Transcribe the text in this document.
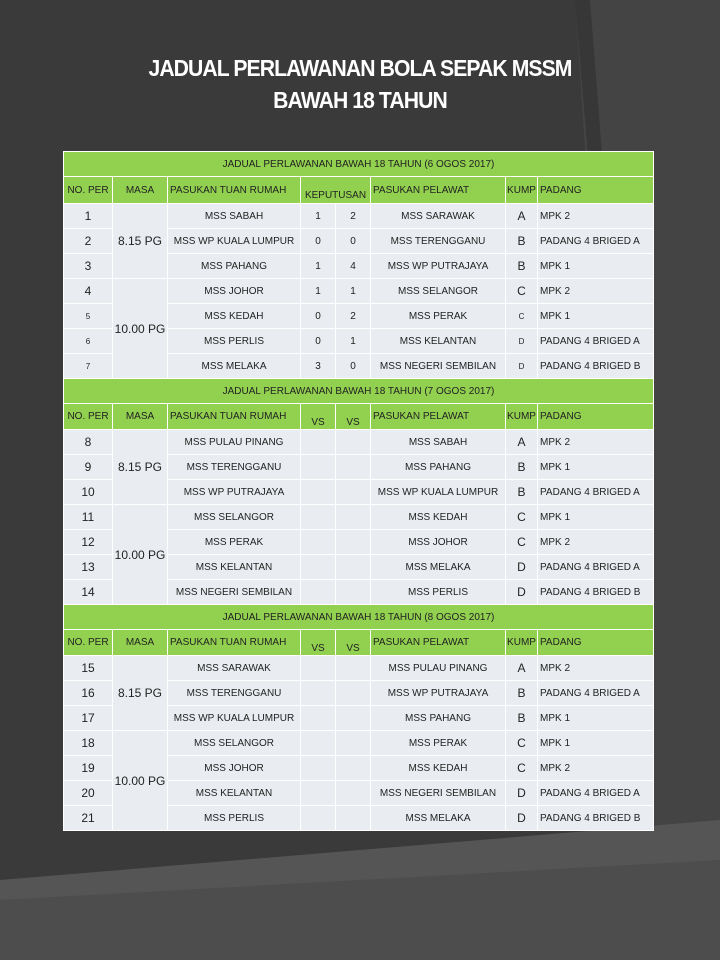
JADUAL PERLAWANAN BOLA SEPAK MSSM
BAWAH 18 TAHUN
JADUAL PERLAWANAN BAWAH 18 TAHUN (6 OGOS 2017)							
NO. PER	MASA	PASUKAN TUAN RUMAH	KEPUTUSAN		PASUKAN PELAWAT	KUMP	PADANG
1	8.15 PG	MSS SABAH	1	2	MSS SARAWAK	A	MPK 2
2		MSS WP KUALA LUMPUR	0	0	MSS TERENGGANU	B	PADANG 4 BRIGED A
3		MSS PAHANG	1	4	MSS WP PUTRAJAYA	B	MPK 1
4	10.00 PG	MSS JOHOR	1	1	MSS SELANGOR	C	MPK 2
5		MSS KEDAH	0	2	MSS PERAK	C	MPK 1
6		MSS PERLIS	0	1	MSS KELANTAN	D	PADANG 4 BRIGED A
7		MSS MELAKA	3	0	MSS NEGERI SEMBILAN	D	PADANG 4 BRIGED B
JADUAL PERLAWANAN BAWAH 18 TAHUN (7 OGOS 2017)							
NO. PER	MASA	PASUKAN TUAN RUMAH	VS	VS	PASUKAN PELAWAT	KUMP	PADANG
8	8.15 PG	MSS PULAU PINANG			MSS SABAH	A	MPK 2
9		MSS TERENGGANU			MSS PAHANG	B	MPK 1
10		MSS WP PUTRAJAYA			MSS WP KUALA LUMPUR	B	PADANG 4 BRIGED A
11	10.00 PG	MSS SELANGOR			MSS KEDAH	C	MPK 1
12		MSS PERAK			MSS JOHOR	C	MPK 2
13		MSS KELANTAN			MSS MELAKA	D	PADANG 4 BRIGED A
14		MSS NEGERI SEMBILAN			MSS PERLIS	D	PADANG 4 BRIGED B
JADUAL PERLAWANAN BAWAH 18 TAHUN (8 OGOS 2017)							
NO. PER	MASA	PASUKAN TUAN RUMAH	VS	VS	PASUKAN PELAWAT	KUMP	PADANG
15	8.15 PG	MSS SARAWAK			MSS PULAU PINANG	A	MPK 2
16		MSS TERENGGANU			MSS WP PUTRAJAYA	B	PADANG 4 BRIGED A
17		MSS WP KUALA LUMPUR			MSS PAHANG	B	MPK 1
18	10.00 PG	MSS SELANGOR			MSS PERAK	C	MPK 1
19		MSS JOHOR			MSS KEDAH	C	MPK 2
20		MSS KELANTAN			MSS NEGERI SEMBILAN	D	PADANG 4 BRIGED A
21		MSS PERLIS			MSS MELAKA	D	PADANG 4 BRIGED B
